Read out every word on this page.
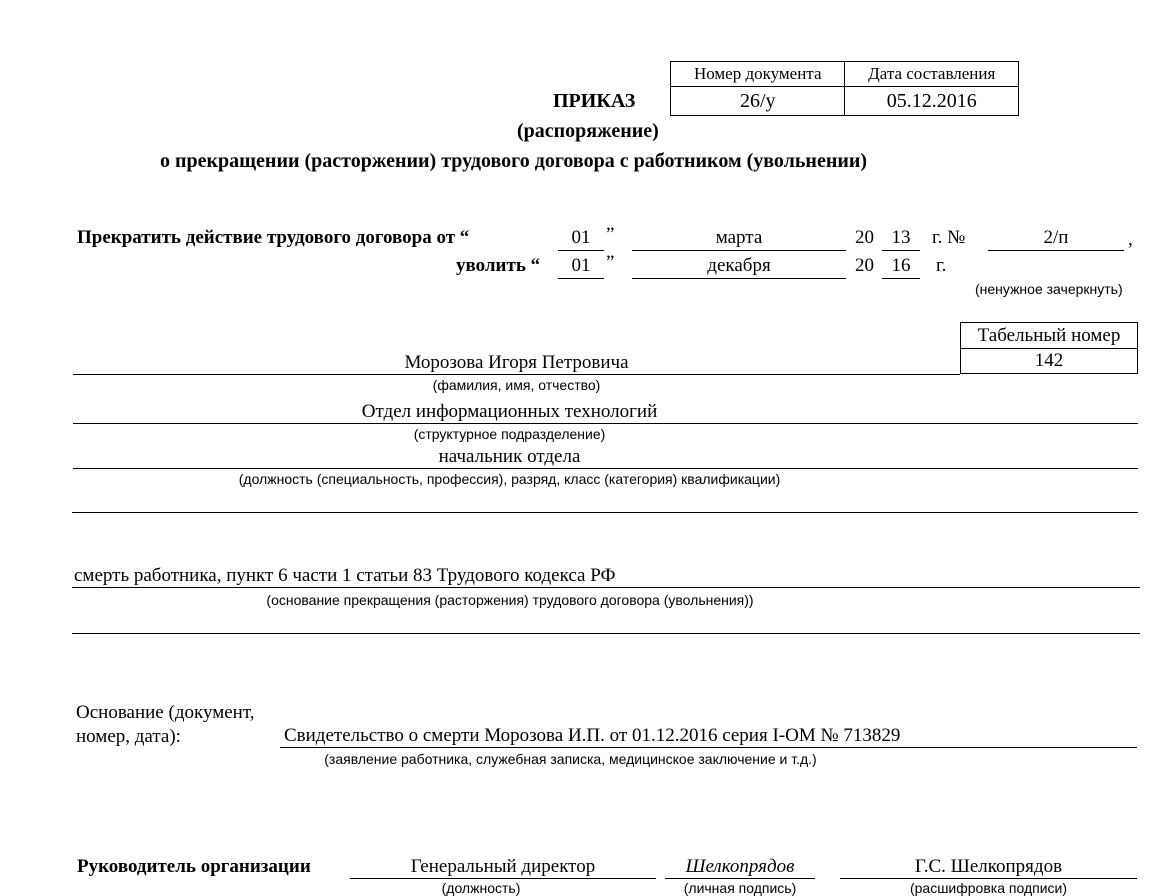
Номер документа	Дата составления
26/у	05.12.2016
ПРИКАЗ
(распоряжение)
о прекращении (расторжении) трудового договора с работником (увольнении)
Прекратить действие трудового договора от “	01 ”	марта	20 13	г. №	2/п	,
уволить “	01 ”	декабря	20 16	г.
(ненужное зачеркнуть)
Табельный номер
142
Морозова Игоря Петровича
(фамилия, имя, отчество)
Отдел информационных технологий
(структурное подразделение)
начальник отдела
(должность (специальность, профессия), разряд, класс (категория) квалификации)
смерть работника, пункт 6 части 1 статьи 83 Трудового кодекса РФ
(основание прекращения (расторжения) трудового договора (увольнения))
Основание (документ,
номер, дата):	Свидетельство о смерти Морозова И.П. от 01.12.2016 серия I-ОМ № 713829
(заявление работника, служебная записка, медицинское заключение и т.д.)
Руководитель организации	Генеральный директор
(должность)
Шелкопрядов
(личная подпись)
Г.С. Шелкопрядов
(расшифровка подписи)
